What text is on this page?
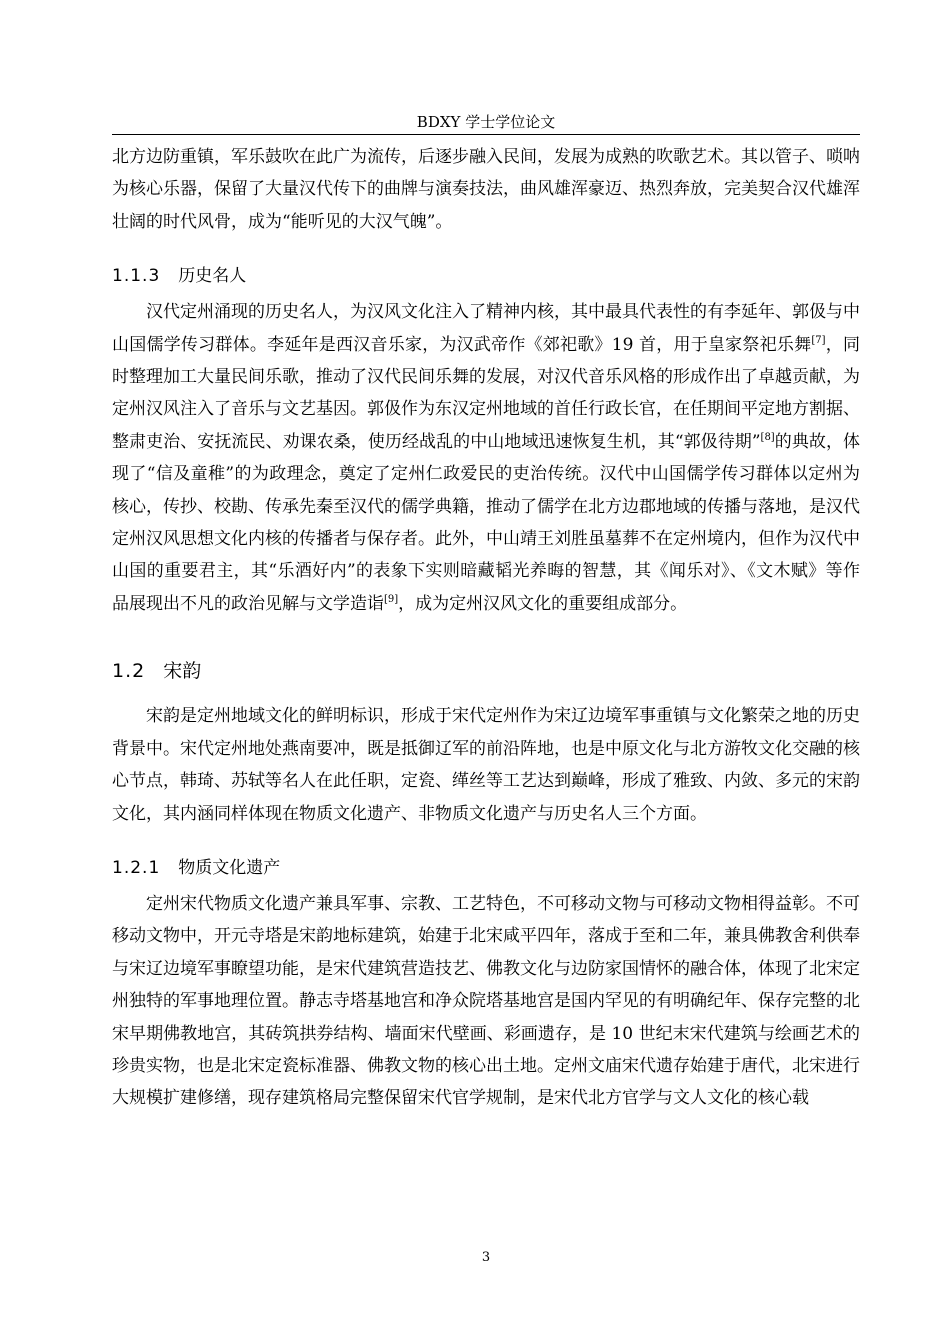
BDXY 学士学位论文

北方边防重镇，军乐鼓吹在此广为流传，后逐步融入民间，发展为成熟的吹歌艺术。其以管子、唢呐为核心乐器，保留了大量汉代传下的曲牌与演奏技法，曲风雄浑豪迈、热烈奔放，完美契合汉代雄浑壮阔的时代风骨，成为“能听见的大汉气魄”。

1.1.3 历史名人

汉代定州涌现的历史名人，为汉风文化注入了精神内核，其中最具代表性的有李延年、郭伋与中山国儒学传习群体。李延年是西汉音乐家，为汉武帝作《郊祀歌》19 首，用于皇家祭祀乐舞[7]，同时整理加工大量民间乐歌，推动了汉代民间乐舞的发展，对汉代音乐风格的形成作出了卓越贡献，为定州汉风注入了音乐与文艺基因。郭伋作为东汉定州地域的首任行政长官，在任期间平定地方割据、整肃吏治、安抚流民、劝课农桑，使历经战乱的中山地域迅速恢复生机，其“郭伋待期”[8]的典故，体现了“信及童稚”的为政理念，奠定了定州仁政爱民的吏治传统。汉代中山国儒学传习群体以定州为核心，传抄、校勘、传承先秦至汉代的儒学典籍，推动了儒学在北方边郡地域的传播与落地，是汉代定州汉风思想文化内核的传播者与保存者。此外，中山靖王刘胜虽墓葬不在定州境内，但作为汉代中山国的重要君主，其“乐酒好内”的表象下实则暗藏韬光养晦的智慧，其《闻乐对》、《文木赋》等作品展现出不凡的政治见解与文学造诣[9]，成为定州汉风文化的重要组成部分。

1.2 宋韵

宋韵是定州地域文化的鲜明标识，形成于宋代定州作为宋辽边境军事重镇与文化繁荣之地的历史背景中。宋代定州地处燕南要冲，既是抵御辽军的前沿阵地，也是中原文化与北方游牧文化交融的核心节点，韩琦、苏轼等名人在此任职，定瓷、缂丝等工艺达到巅峰，形成了雅致、内敛、多元的宋韵文化，其内涵同样体现在物质文化遗产、非物质文化遗产与历史名人三个方面。

1.2.1 物质文化遗产

定州宋代物质文化遗产兼具军事、宗教、工艺特色，不可移动文物与可移动文物相得益彰。不可移动文物中，开元寺塔是宋韵地标建筑，始建于北宋咸平四年，落成于至和二年，兼具佛教舍利供奉与宋辽边境军事瞭望功能，是宋代建筑营造技艺、佛教文化与边防家国情怀的融合体，体现了北宋定州独特的军事地理位置。静志寺塔基地宫和净众院塔基地宫是国内罕见的有明确纪年、保存完整的北宋早期佛教地宫，其砖筑拱券结构、墙面宋代壁画、彩画遗存，是 10 世纪末宋代建筑与绘画艺术的珍贵实物，也是北宋定瓷标准器、佛教文物的核心出土地。定州文庙宋代遗存始建于唐代，北宋进行大规模扩建修缮，现存建筑格局完整保留宋代官学规制，是宋代北方官学与文人文化的核心载

3
